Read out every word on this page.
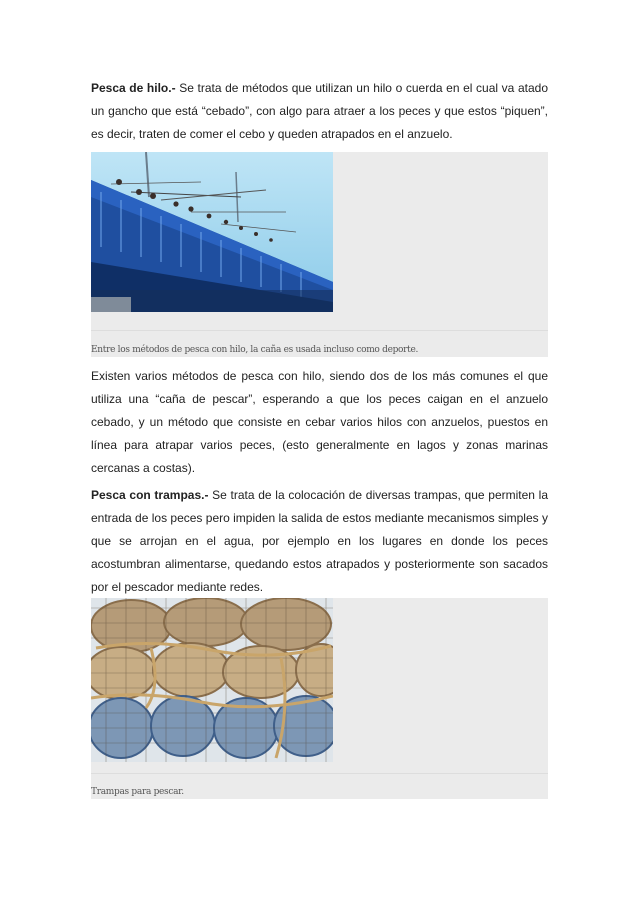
Pesca de hilo.- Se trata de métodos que utilizan un hilo o cuerda en el cual va atado un gancho que está “cebado”, con algo para atraer a los peces y que estos “piquen”, es decir, traten de comer el cebo y queden atrapados en el anzuelo.

Entre los métodos de pesca con hilo, la caña es usada incluso como deporte.

Existen varios métodos de pesca con hilo, siendo dos de los más comunes el que utiliza una “caña de pescar”, esperando a que los peces caigan en el anzuelo cebado, y un método que consiste en cebar varios hilos con anzuelos, puestos en línea para atrapar varios peces, (esto generalmente en lagos y zonas marinas cercanas a costas).

Pesca con trampas.- Se trata de la colocación de diversas trampas, que permiten la entrada de los peces pero impiden la salida de estos mediante mecanismos simples y que se arrojan en el agua, por ejemplo en los lugares en donde los peces acostumbran alimentarse, quedando estos atrapados y posteriormente son sacados por el pescador mediante redes.

Trampas para pescar.
